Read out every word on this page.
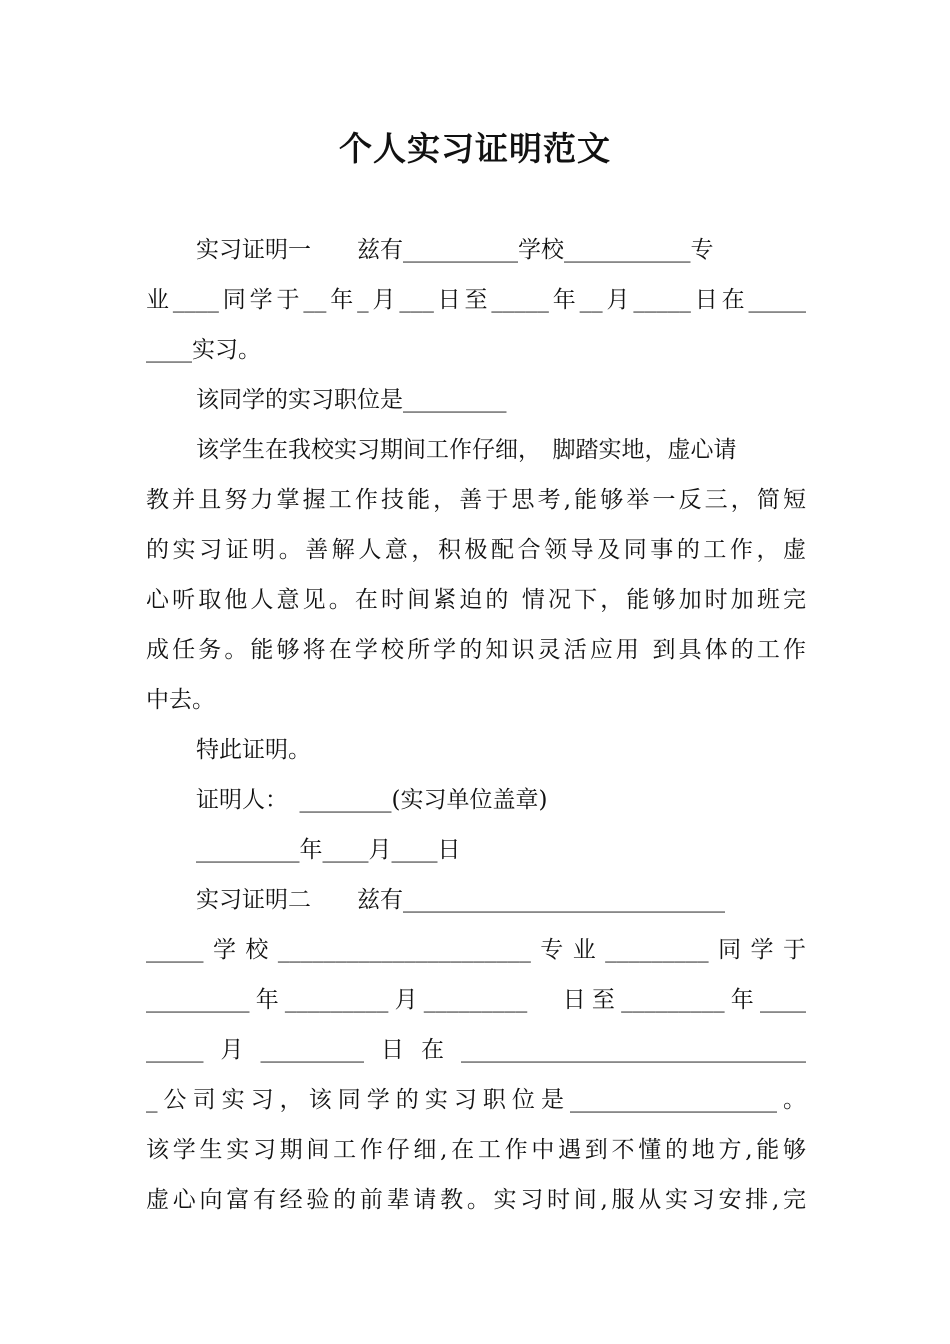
个人实习证明范文
实习证明一　　兹有__________学校___________专
业____同学于__年_月___日至_____年__月_____日在_____
____实习。
该同学的实习职位是_________
该学生在我校实习期间工作仔细，　脚踏实地，虚心请
教并且努力掌握工作技能，善于思考,能够举一反三，简短
的实习证明。善解人意，积极配合领导及同事的工作，虚
心听取他人意见。在时间紧迫的 情况下，能够加时加班完
成任务。能够将在学校所学的知识灵活应用 到具体的工作
中去。
特此证明。
证明人：　________(实习单位盖章)
_________年____月____日
实习证明二　　兹有____________________________
_____学校______________________专业_________同学于
_________年_________月_________　日至_________年____
_____月_________日在______________________________
_公司实习，该同学的实习职位是__________________。
该学生实习期间工作仔细,在工作中遇到不懂的地方,能够
虚心向富有经验的前辈请教。实习时间,服从实习安排,完
